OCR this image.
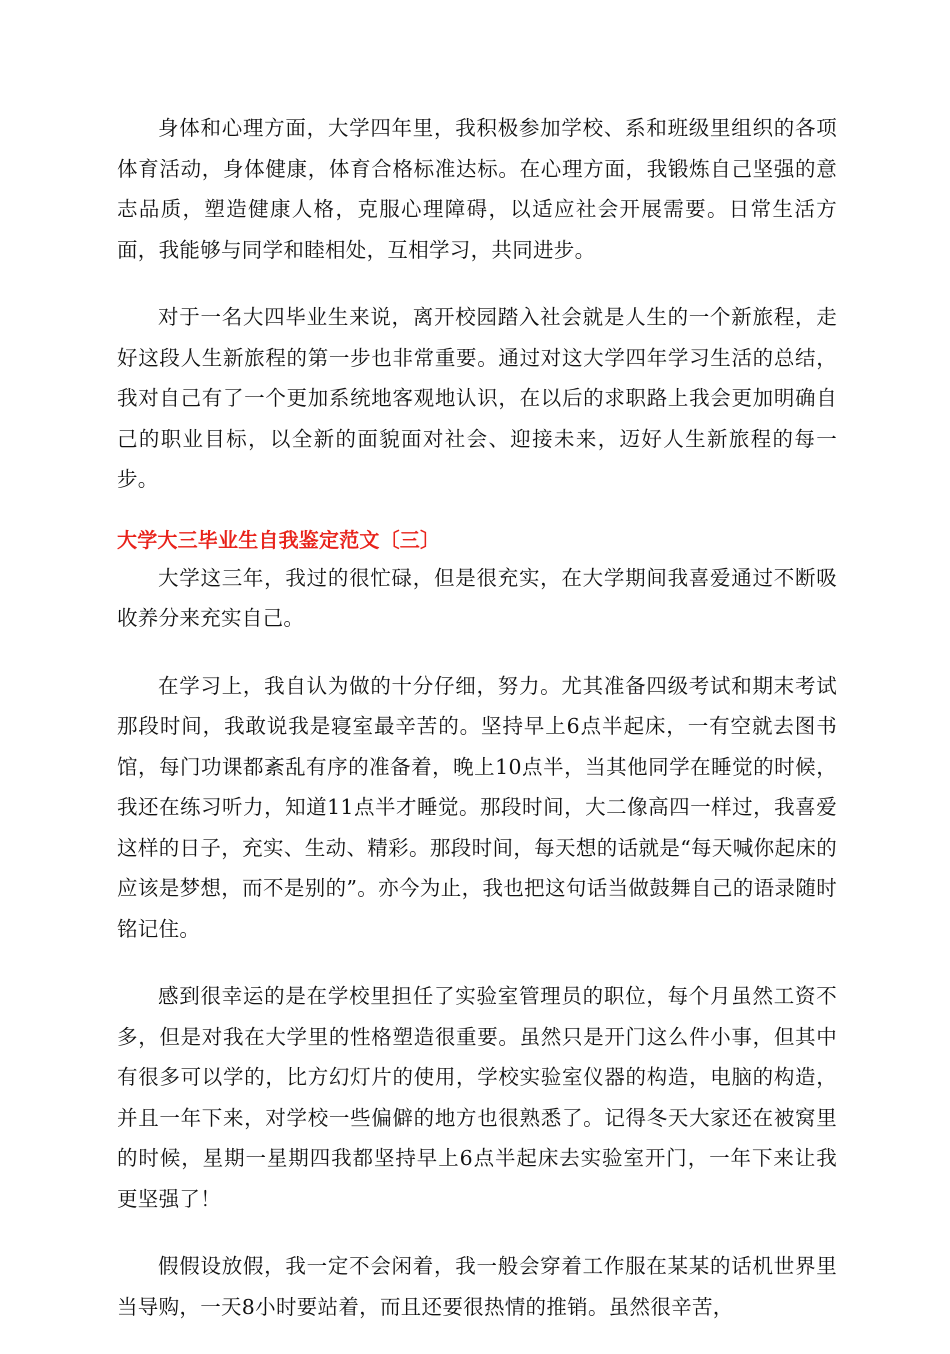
身体和心理方面，大学四年里，我积极参加学校、系和班级里组织的各项体育活动，身体健康，体育合格标准达标。在心理方面，我锻炼自己坚强的意志品质，塑造健康人格，克服心理障碍，以适应社会开展需要。日常生活方面，我能够与同学和睦相处，互相学习，共同进步。

对于一名大四毕业生来说，离开校园踏入社会就是人生的一个新旅程，走好这段人生新旅程的第一步也非常重要。通过对这大学四年学习生活的总结，我对自己有了一个更加系统地客观地认识，在以后的求职路上我会更加明确自己的职业目标，以全新的面貌面对社会、迎接未来，迈好人生新旅程的每一步。

大学大三毕业生自我鉴定范文〔三〕

大学这三年，我过的很忙碌，但是很充实，在大学期间我喜爱通过不断吸收养分来充实自己。

在学习上，我自认为做的十分仔细，努力。尤其准备四级考试和期末考试那段时间，我敢说我是寝室最辛苦的。坚持早上6点半起床，一有空就去图书馆，每门功课都紊乱有序的准备着，晚上10点半，当其他同学在睡觉的时候，我还在练习听力，知道11点半才睡觉。那段时间，大二像高四一样过，我喜爱这样的日子，充实、生动、精彩。那段时间，每天想的话就是“每天喊你起床的应该是梦想，而不是别的”。亦今为止，我也把这句话当做鼓舞自己的语录随时铭记住。

感到很幸运的是在学校里担任了实验室管理员的职位，每个月虽然工资不多，但是对我在大学里的性格塑造很重要。虽然只是开门这么件小事，但其中有很多可以学的，比方幻灯片的使用，学校实验室仪器的构造，电脑的构造，并且一年下来，对学校一些偏僻的地方也很熟悉了。记得冬天大家还在被窝里的时候，星期一星期四我都坚持早上6点半起床去实验室开门，一年下来让我更坚强了！

假假设放假，我一定不会闲着，我一般会穿着工作服在某某的话机世界里当导购，一天8小时要站着，而且还要很热情的推销。虽然很辛苦，
